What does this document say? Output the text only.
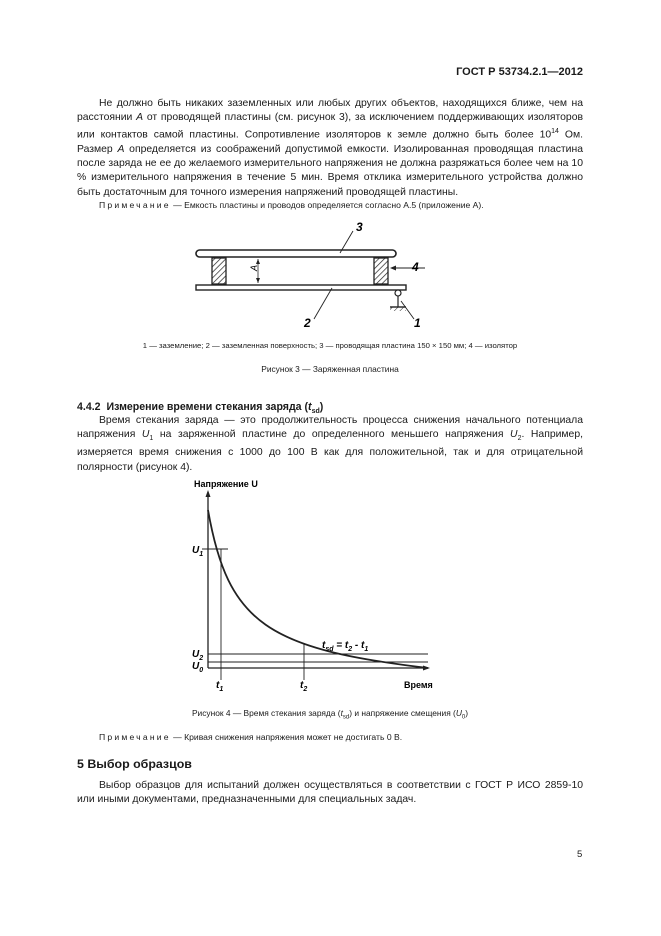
ГОСТ Р 53734.2.1—2012
Не должно быть никаких заземленных или любых других объектов, находящихся ближе, чем на расстоянии A от проводящей пластины (см. рисунок 3), за исключением поддерживающих изоляторов или контактов самой пластины. Сопротивление изоляторов к земле должно быть более $10^{14}$ Ом. Размер A определяется из соображений допустимой емкости. Изолированная проводящая пластина после заряда не ее до желаемого измерительного напряжения не должна разряжаться более чем на 10 % измерительного напряжения в течение 5 мин. Время отклика измерительного устройства должно быть достаточным для точного измерения напряжений проводящей пластины.
Примечание — Емкость пластины и проводов определяется согласно А.5 (приложение А).
A
3
4
2	1
1 — заземление; 2 — заземленная поверхность; 3 — проводящая пластина 150 × 150 мм; 4 — изолятор
Рисунок 3 — Заряженная пластина
4.4.2 Измерение времени стекания заряда $(t_{sd})$
Время стекания заряда — это продолжительность процесса снижения начального потенциала напряжения $U_1$ на заряженной пластине до определенного меньшего напряжения $U_2$. Например, измеряется время снижения с 1000 до 100 В как для положительной, так и для отрицательной полярности (рисунок 4).
Напряжение U
$U_1$
$U_2$
$U_0$
$t_1$	$t_2$	Время
$t_{sd} = t_2 - t_1$
Рисунок 4 — Время стекания заряда $(t_{sd})$ и напряжение смещения $(U_0)$
Примечание — Кривая снижения напряжения может не достигать 0 В.
5 Выбор образцов
Выбор образцов для испытаний должен осуществляться в соответствии с ГОСТ Р ИСО 2859-10 или иными документами, предназначенными для специальных задач.
5
